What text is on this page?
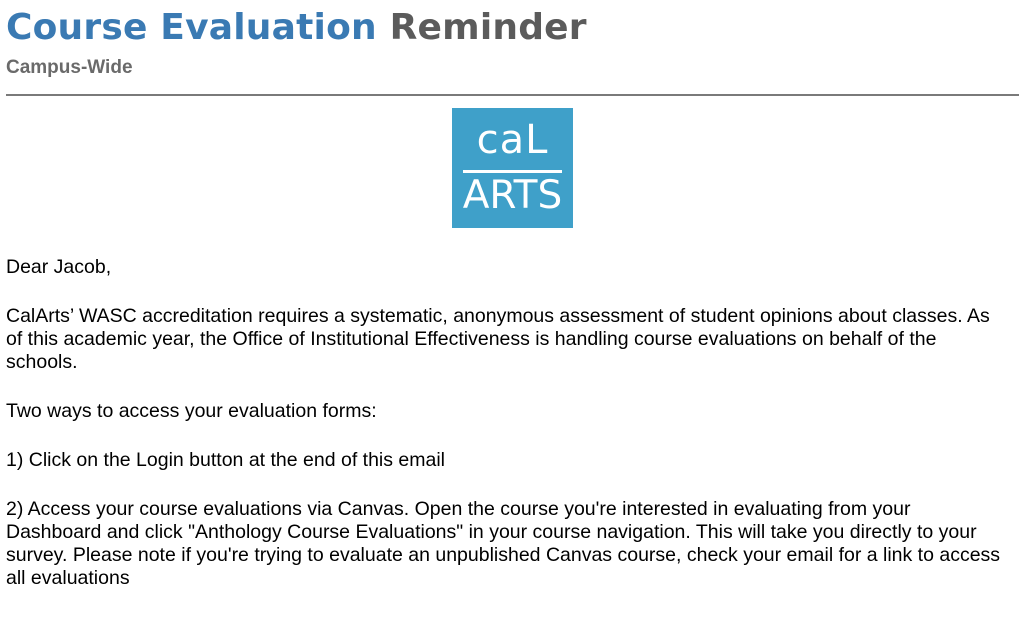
Course Evaluation Reminder
Campus-Wide
caL
ARTS

Dear Jacob,

CalArts’ WASC accreditation requires a systematic, anonymous assessment of student opinions about classes. As of this academic year, the Office of Institutional Effectiveness is handling course evaluations on behalf of the schools.

Two ways to access your evaluation forms:

1) Click on the Login button at the end of this email

2) Access your course evaluations via Canvas. Open the course you're interested in evaluating from your Dashboard and click "Anthology Course Evaluations" in your course navigation. This will take you directly to your survey. Please note if you're trying to evaluate an unpublished Canvas course, check your email for a link to access all evaluations
